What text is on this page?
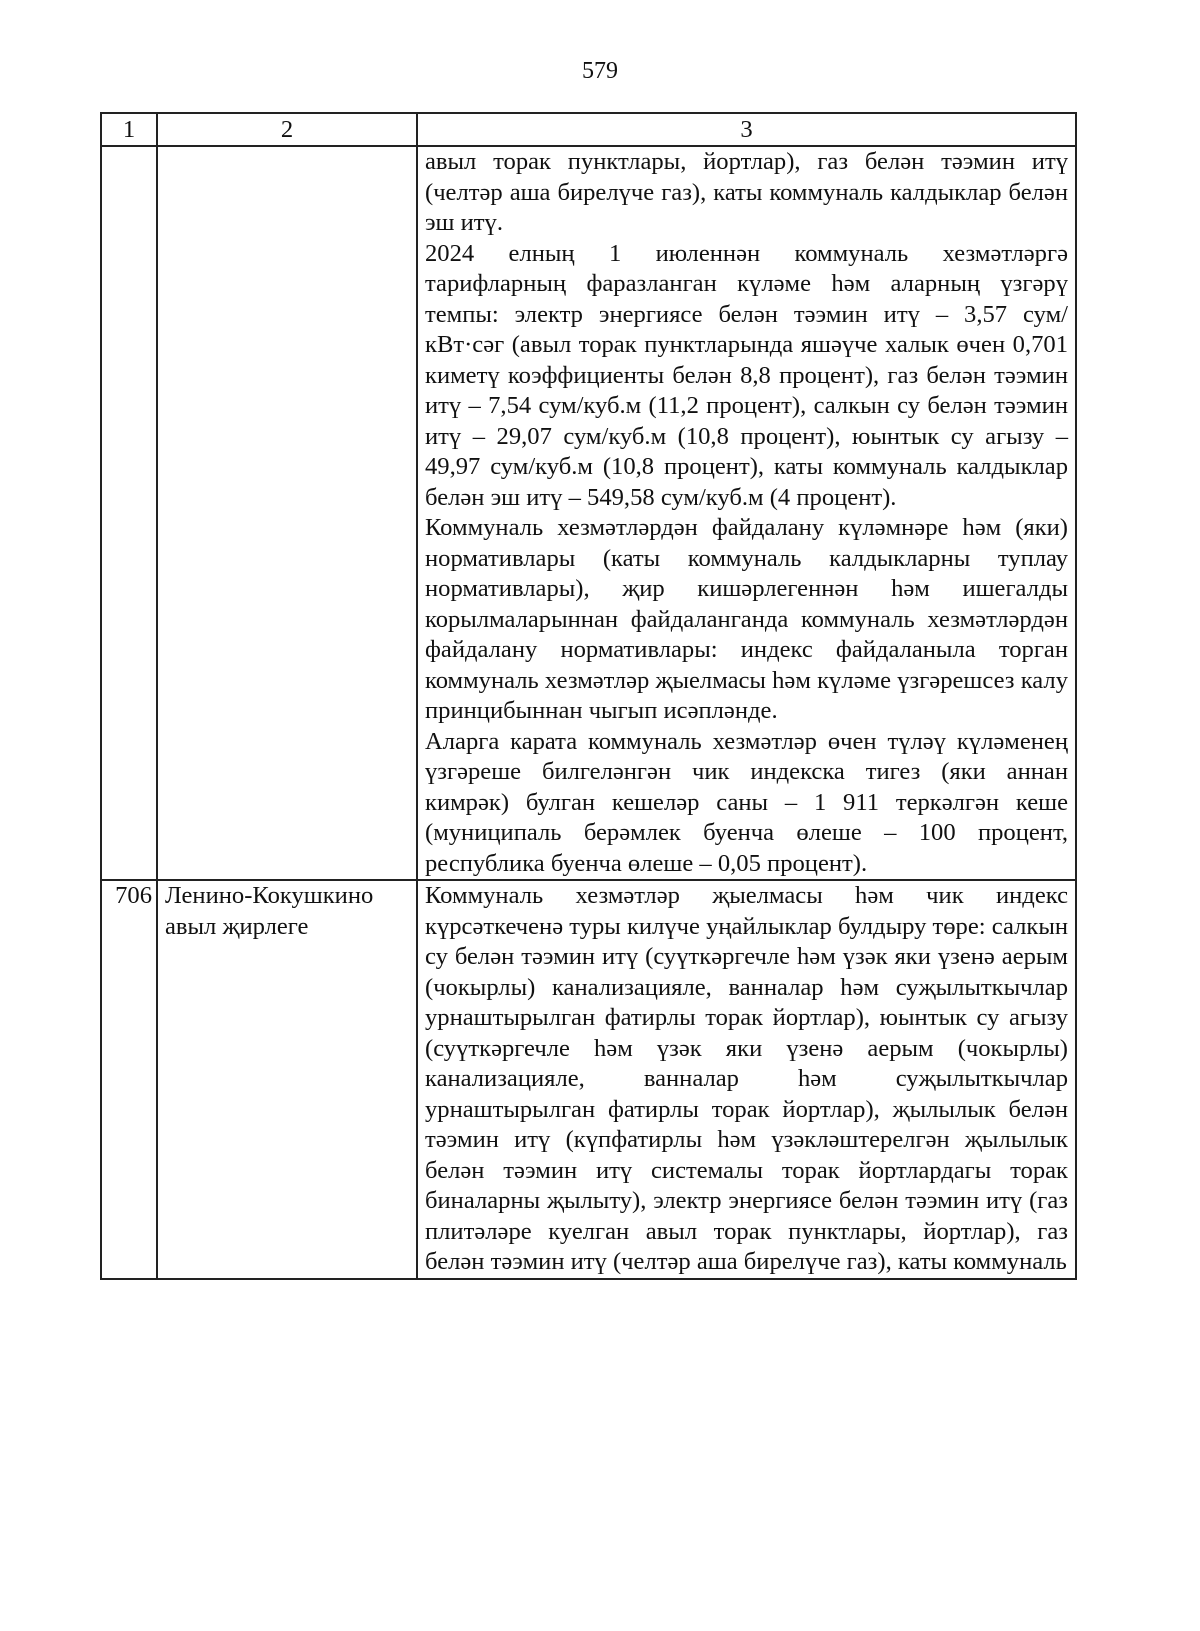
579
1	2	3

		авыл торак пунктлары, йортлар), газ белән тәэмин итү (челтәр аша бирелүче газ), каты коммуналь калдыклар белән эш итү.

2024 елның 1 июленнән коммуналь хезмәтләргә тарифларның фаразланган күләме һәм аларның үзгәрү темпы: электр энергиясе белән тәэмин итү – 3,57 сум/кВт·сәг (авыл торак пунктларында яшәүче халык өчен 0,701 киметү коэффициенты белән 8,8 процент), газ белән тәэмин итү – 7,54 сум/куб.м (11,2 процент), салкын су белән тәэмин итү – 29,07 сум/куб.м (10,8 процент), юынтык су агызу – 49,97 сум/куб.м (10,8 процент), каты коммуналь калдыклар белән эш итү – 549,58 сум/куб.м (4 процент).

Коммуналь хезмәтләрдән файдалану күләмнәре һәм (яки) нормативлары (каты коммуналь калдыкларны туплау нормативлары), җир кишәрлегеннән һәм ишегалды корылмаларыннан файдаланганда коммуналь хезмәтләрдән файдалану нормативлары: индекс файдаланыла торган коммуналь хезмәтләр җыелмасы һәм күләме үзгәрешсез калу принцибыннан чыгып исәпләнде.

Аларга карата коммуналь хезмәтләр өчен түләү күләменең үзгәреше билгеләнгән чик индекска тигез (яки аннан кимрәк) булган кешеләр саны – 1 911 теркәлгән кеше (муниципаль берәмлек буенча өлеше – 100 процент, республика буенча өлеше – 0,05 процент).

706	Ленино-Кокушкино авыл җирлеге	Коммуналь хезмәтләр җыелмасы һәм чик индекс күрсәткеченә туры килүче уңайлыклар булдыру төре: салкын су белән тәэмин итү (суүткәргечле һәм үзәк яки үзенә аерым (чокырлы) канализацияле, ванналар һәм суҗылыткычлар урнаштырылган фатирлы торак йортлар), юынтык су агызу (суүткәргечле һәм үзәк яки үзенә аерым (чокырлы) канализацияле, ванналар һәм суҗылыткычлар урнаштырылган фатирлы торак йортлар), җылылык белән тәэмин итү (күпфатирлы һәм үзәкләштерелгән җылылык белән тәэмин итү системалы торак йортлардагы торак биналарны җылыту), электр энергиясе белән тәэмин итү (газ плитәләре куелган авыл торак пунктлары, йортлар), газ белән тәэмин итү (челтәр аша бирелүче газ), каты коммуналь
